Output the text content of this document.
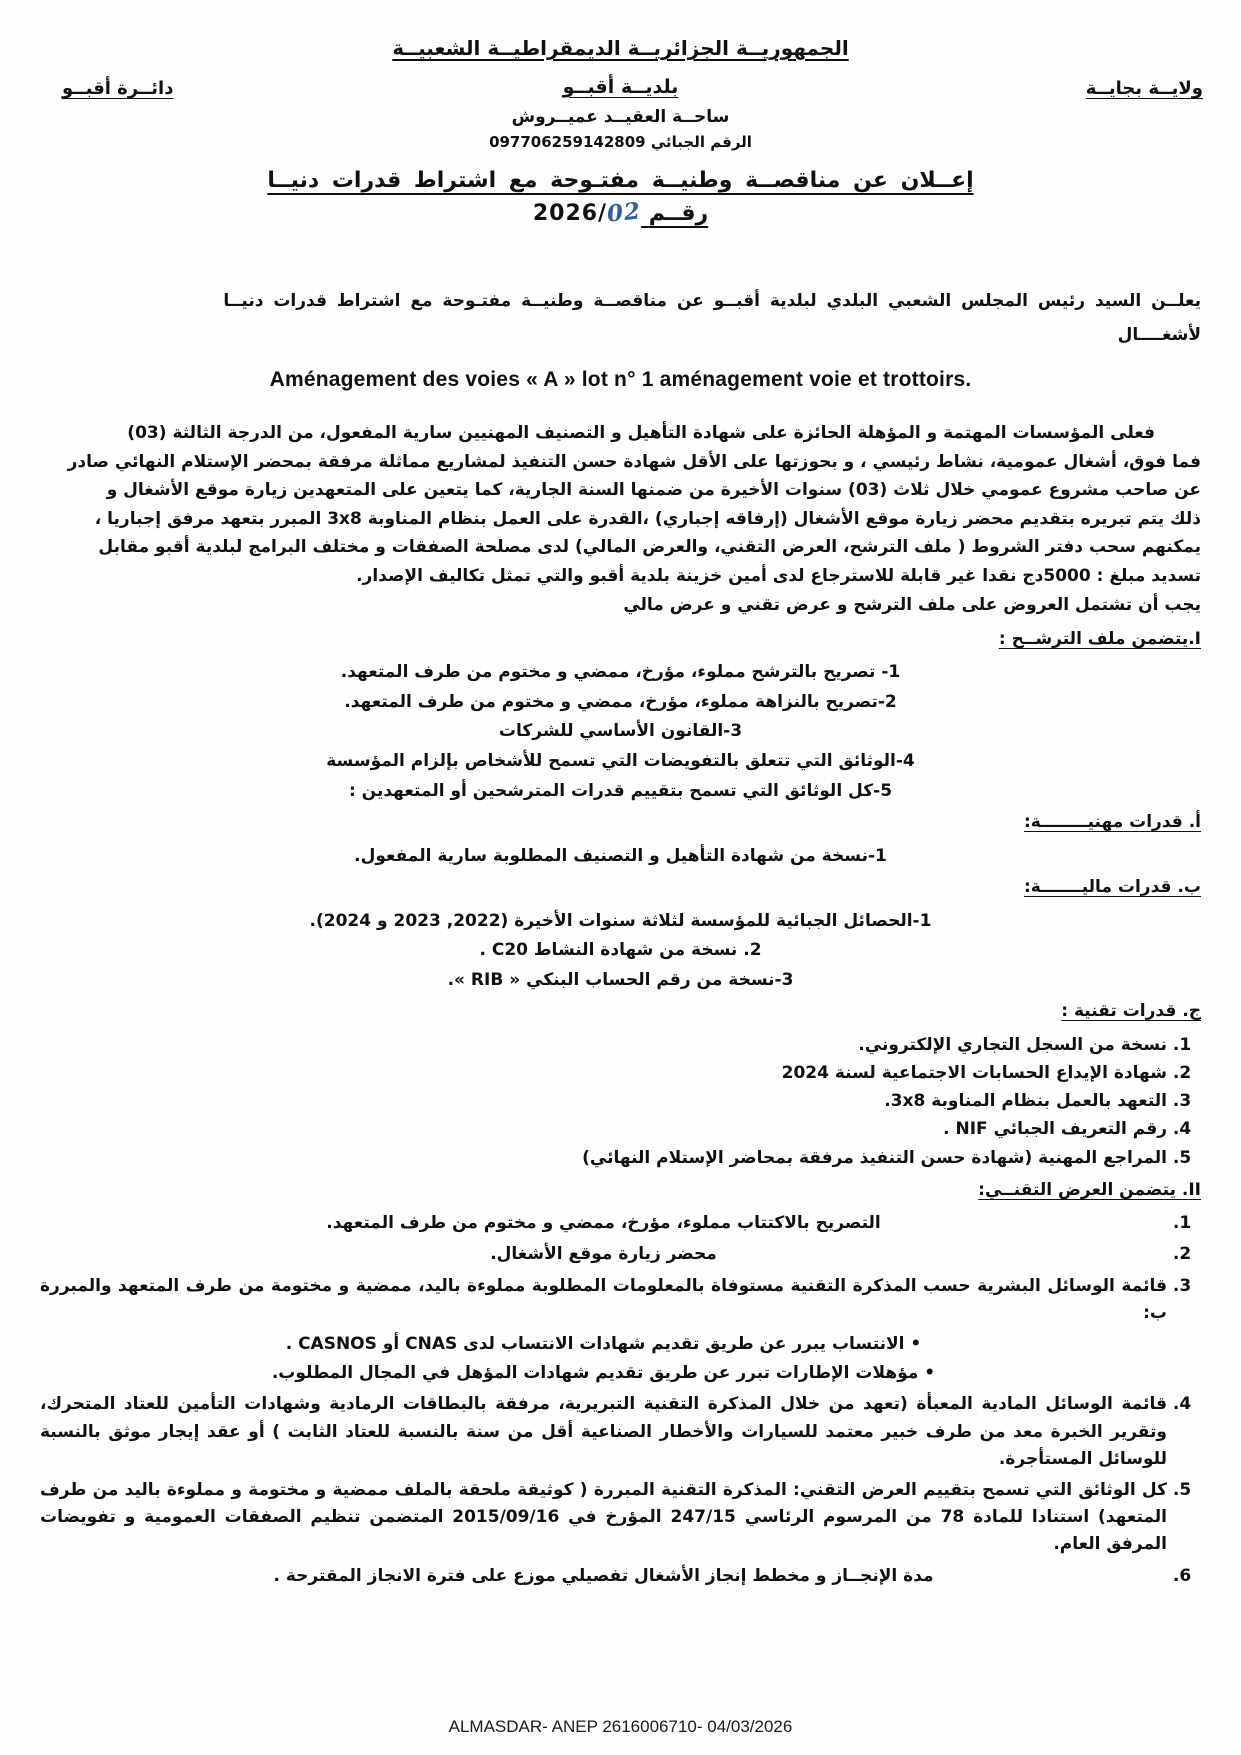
ولايــة بجايــة
دائــرة أقبــو
الجمهوريــة الجزائريــة الديمقراطيــة الشعبيــة
بلديــة أقبــو
ساحــة العقيــد عميــروش
الرقم الجبائي 097706259142809
إعــلان عن مناقصــة وطنيــة مفتـوحة مع اشتراط قدرات دنيــا
رقــم 022026/

يعلــن السيد رئيس المجلس الشعبي البلدي لبلدية أقبــو عن مناقصــة وطنيــة مفتـوحة مع اشتراط قدرات دنيــا

لأشغــــال

Aménagement des voies « A » lot n° 1 aménagement voie et trottoirs.

فعلى المؤسسات المهتمة و المؤهلة الحائزة على شهادة التأهيل و التصنيف المهنيين سارية المفعول، من الدرجة الثالثة (03)

فما فوق، أشغال عمومية، نشاط رئيسي ، و بحوزتها على الأقل شهادة حسن التنفيذ لمشاريع مماثلة مرفقة بمحضر الإستلام النهائي صادر

عن صاحب مشروع عمومي خلال ثلاث (03) سنوات الأخيرة من ضمنها السنة الجارية، كما يتعين على المتعهدين زيارة موقع الأشغال و

ذلك يتم تبريره بتقديم محضر زيارة موقع الأشغال (إرفاقه إجباري) ،القدرة على العمل بنظام المناوبة 3x8 المبرر بتعهد مرفق إجباريا ،

يمكنهم سحب دفتر الشروط ( ملف الترشح، العرض التقني، والعرض المالي) لدى مصلحة الصفقات و مختلف البرامج لبلدية أقبو مقابل

تسديد مبلغ : 5000دج نقدا غير قابلة للاسترجاع لدى أمين خزينة بلدية أقبو والتي تمثل تكاليف الإصدار.

يجب أن تشتمل العروض على ملف الترشح و عرض تقني و عرض مالي

I.يتضمن ملف الترشــح :

1- تصريح بالترشح مملوء، مؤرخ، ممضي و مختوم من طرف المتعهد.
2-تصريح بالنزاهة مملوء، مؤرخ، ممضي و مختوم من طرف المتعهد.
3-القانون الأساسي للشركات
4-الوثائق التي تتعلق بالتفويضات التي تسمح للأشخاص بإلزام المؤسسة
5-كل الوثائق التي تسمح بتقييم قدرات المترشحين أو المتعهدين :

أ. قدرات مهنيــــــــة:

1-نسخة من شهادة التأهيل و التصنيف المطلوبة سارية المفعول.

ب. قدرات ماليـــــــة:

1-الحصائل الجبائية للمؤسسة لثلاثة سنوات الأخيرة (2022, 2023 و 2024).
2. نسخة من شهادة النشاط C20 .
3-نسخة من رقم الحساب البنكي « RIB ».

ج. قدرات تقنية :

1. نسخة من السجل التجاري الإلكتروني.
2. شهادة الإيداع الحسابات الاجتماعية لسنة 2024
3. التعهد بالعمل بنظام المناوبة 3x8.
4. رقم التعريف الجبائي NIF .
5. المراجع المهنية (شهادة حسن التنفيذ مرفقة بمحاضر الإستلام النهائي)

II. يتضمن العرض التقنــي:

1. التصريح بالاكتتاب مملوء، مؤرخ، ممضي و مختوم من طرف المتعهد.
2. محضر زيارة موقع الأشغال.
3. قائمة الوسائل البشرية حسب المذكرة التقنية مستوفاة بالمعلومات المطلوبة مملوءة باليد، ممضية و مختومة من طرف المتعهد والمبررة ب:
• الانتساب يبرر عن طريق تقديم شهادات الانتساب لدى CNAS أو CASNOS .
• مؤهلات الإطارات تبرر عن طريق تقديم شهادات المؤهل في المجال المطلوب.
4. قائمة الوسائل المادية المعبأة (تعهد من خلال المذكرة التقنية التبريرية، مرفقة بالبطاقات الرمادية وشهادات التأمين للعتاد المتحرك، وتقرير الخبرة معد من طرف خبير معتمد للسيارات والأخطار الصناعية أقل من سنة بالنسبة للعتاد الثابت ) أو عقد إيجار موثق بالنسبة للوسائل المستأجرة.
5. كل الوثائق التي تسمح بتقييم العرض التقني: المذكرة التقنية المبررة ( كوثيقة ملحقة بالملف ممضية و مختومة و مملوءة باليد من طرف المتعهد) استنادا للمادة 78 من المرسوم الرئاسي 247/15 المؤرخ في 2015/09/16 المتضمن تنظيم الصفقات العمومية و تفويضات المرفق العام.
6. مدة الإنجــاز و مخطط إنجاز الأشغال تفصيلي موزع على فترة الانجاز المقترحة .
ALMASDAR- ANEP 2616006710- 04/03/2026
